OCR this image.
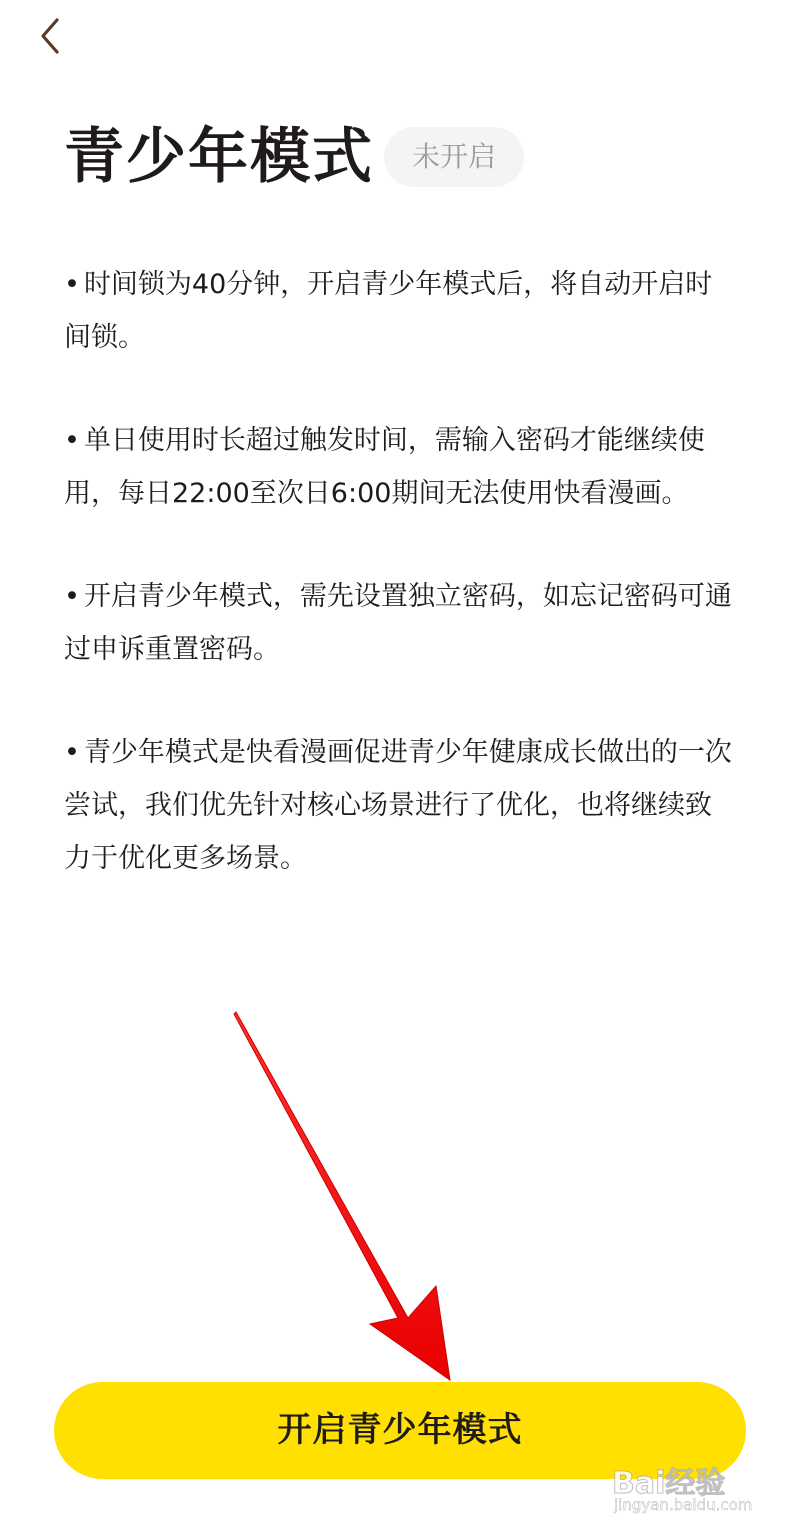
青少年模式	未开启
• 时间锁为40分钟，开启青少年模式后，将自动开启时间锁。
• 单日使用时长超过触发时间，需输入密码才能继续使用，每日22:00至次日6:00期间无法使用快看漫画。
• 开启青少年模式，需先设置独立密码，如忘记密码可通过申诉重置密码。
• 青少年模式是快看漫画促进青少年健康成长做出的一次尝试，我们优先针对核心场景进行了优化，也将继续致力于优化更多场景。
开启青少年模式
Bai经验
jingyan.baidu.com
